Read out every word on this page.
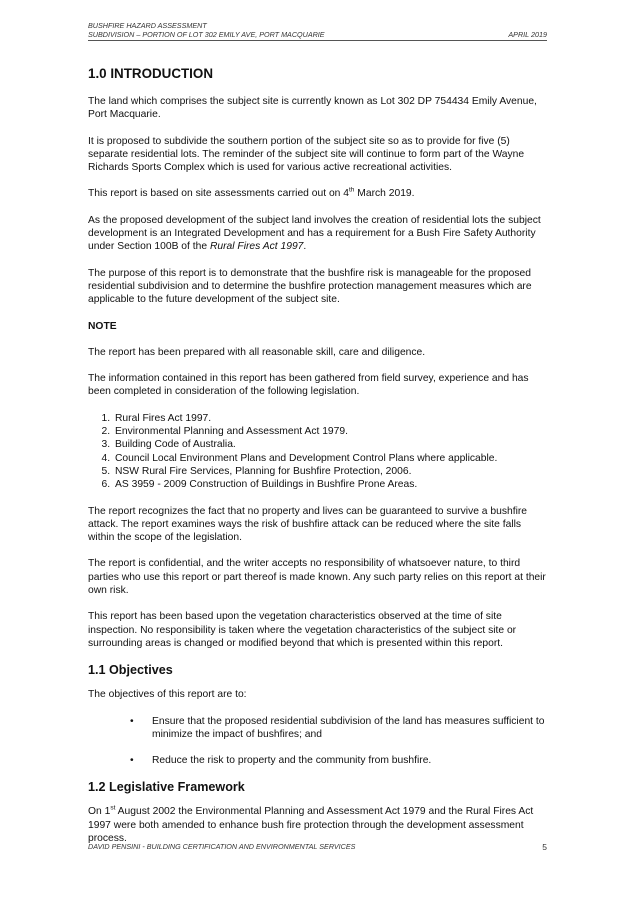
BUSHFIRE HAZARD ASSESSMENT
SUBDIVISION – PORTION OF LOT 302 EMILY AVE, PORT MACQUARIE	APRIL 2019
1.0 INTRODUCTION

The land which comprises the subject site is currently known as Lot 302 DP 754434 Emily Avenue, Port Macquarie.

It is proposed to subdivide the southern portion of the subject site so as to provide for five (5) separate residential lots. The reminder of the subject site will continue to form part of the Wayne Richards Sports Complex which is used for various active recreational activities.

This report is based on site assessments carried out on 4th March 2019.

As the proposed development of the subject land involves the creation of residential lots the subject development is an Integrated Development and has a requirement for a Bush Fire Safety Authority under Section 100B of the Rural Fires Act 1997.

The purpose of this report is to demonstrate that the bushfire risk is manageable for the proposed residential subdivision and to determine the bushfire protection management measures which are applicable to the future development of the subject site.

NOTE

The report has been prepared with all reasonable skill, care and diligence.

The information contained in this report has been gathered from field survey, experience and has been completed in consideration of the following legislation.

1. Rural Fires Act 1997.
2. Environmental Planning and Assessment Act 1979.
3. Building Code of Australia.
4. Council Local Environment Plans and Development Control Plans where applicable.
5. NSW Rural Fire Services, Planning for Bushfire Protection, 2006.
6. AS 3959 - 2009 Construction of Buildings in Bushfire Prone Areas.

The report recognizes the fact that no property and lives can be guaranteed to survive a bushfire attack. The report examines ways the risk of bushfire attack can be reduced where the site falls within the scope of the legislation.

The report is confidential, and the writer accepts no responsibility of whatsoever nature, to third parties who use this report or part thereof is made known. Any such party relies on this report at their own risk.

This report has been based upon the vegetation characteristics observed at the time of site inspection. No responsibility is taken where the vegetation characteristics of the subject site or surrounding areas is changed or modified beyond that which is presented within this report.

1.1 Objectives

The objectives of this report are to:

• Ensure that the proposed residential subdivision of the land has measures sufficient to minimize the impact of bushfires; and
• Reduce the risk to property and the community from bushfire.
1.2 Legislative Framework

On 1st August 2002 the Environmental Planning and Assessment Act 1979 and the Rural Fires Act 1997 were both amended to enhance bush fire protection through the development assessment process.

DAVID PENSINI - BUILDING CERTIFICATION AND ENVIRONMENTAL SERVICES	5
